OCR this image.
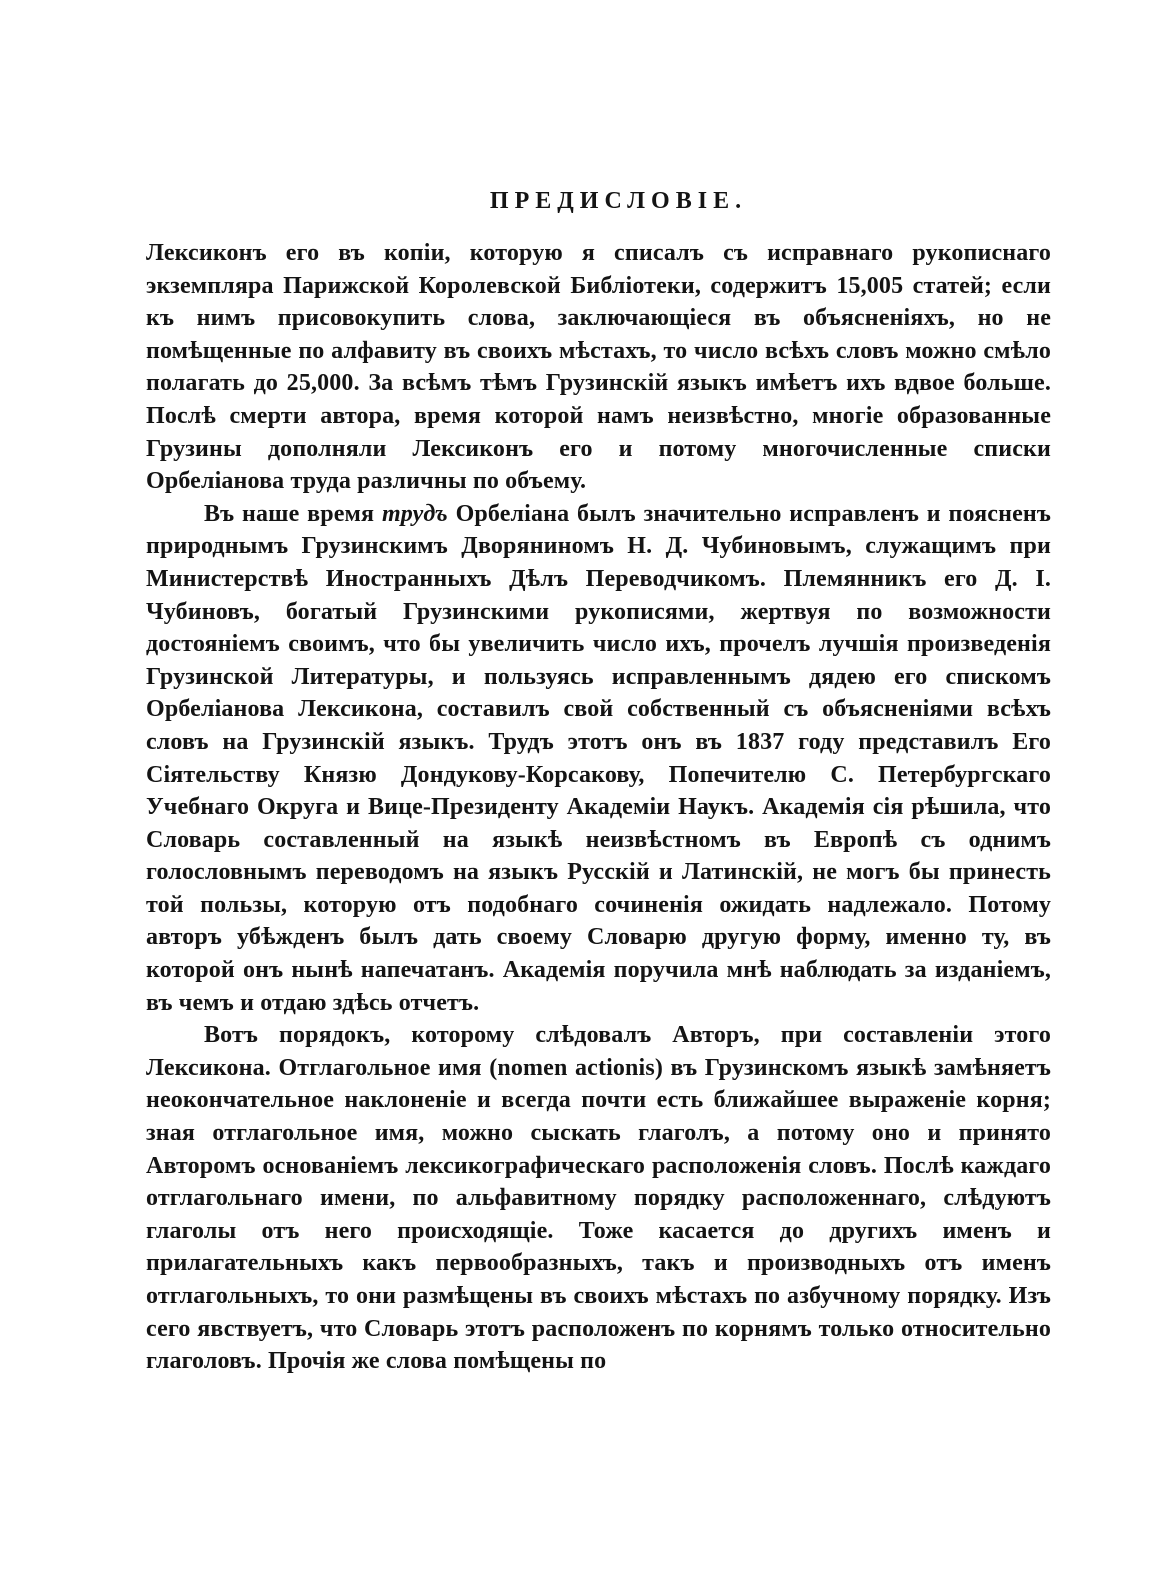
ПРЕДИСЛОВІЕ.

Лексиконъ его въ копіи, которую я списалъ съ исправнаго рукописнаго экземпляра Парижской Королевской Библіотеки, содержитъ 15,005 статей; если къ нимъ присовокупить слова, заключающіеся въ объясненіяхъ, но не помѣщенные по алфавиту въ своихъ мѣстахъ, то число всѣхъ словъ можно смѣло полагать до 25,000. За всѣмъ тѣмъ Грузинскій языкъ имѣетъ ихъ вдвое больше. Послѣ смерти автора, время которой намъ неизвѣстно, многіе образованные Грузины дополняли Лексиконъ его и потому многочисленные списки Орбеліанова труда различны по объему.

Въ наше время трудъ Орбеліана былъ значительно исправленъ и поясненъ природнымъ Грузинскимъ Дворяниномъ Н. Д. Чубиновымъ, служащимъ при Министерствѣ Иностранныхъ Дѣлъ Переводчикомъ. Племянникъ его Д. I. Чубиновъ, богатый Грузинскими рукописями, жертвуя по возможности достояніемъ своимъ, что бы увеличить число ихъ, прочелъ лучшія произведенія Грузинской Литературы, и пользуясь исправленнымъ дядею его спискомъ Орбеліанова Лексикона, составилъ свой собственный съ объясненіями всѣхъ словъ на Грузинскій языкъ. Трудъ этотъ онъ въ 1837 году представилъ Его Сіятельству Князю Дондукову-Корсакову, Попечителю С. Петербургскаго Учебнаго Округа и Вице-Президенту Академіи Наукъ. Академія сія рѣшила, что Словарь составленный на языкѣ неизвѣстномъ въ Европѣ съ однимъ голословнымъ переводомъ на языкъ Русскій и Латинскій, не могъ бы принесть той пользы, которую отъ подобнаго сочиненія ожидать надлежало. Потому авторъ убѣжденъ былъ дать своему Словарю другую форму, именно ту, въ которой онъ нынѣ напечатанъ. Академія поручила мнѣ наблюдать за изданіемъ, въ чемъ и отдаю здѣсь отчетъ.

Вотъ порядокъ, которому слѣдовалъ Авторъ, при составленіи этого Лексикона. Отглагольное имя (nomen actionis) въ Грузинскомъ языкѣ замѣняетъ неокончательное наклоненіе и всегда почти есть ближайшее выраженіе корня; зная отглагольное имя, можно сыскать глаголъ, а потому оно и принято Авторомъ основаніемъ лексикографическаго расположенія словъ. Послѣ каждаго отглагольнаго имени, по альфавитному порядку расположеннаго, слѣдуютъ глаголы отъ него происходящіе. Тоже касается до другихъ именъ и прилагательныхъ какъ первообразныхъ, такъ и производныхъ отъ именъ отглагольныхъ, то они размѣщены въ своихъ мѣстахъ по азбучному порядку. Изъ сего явствуетъ, что Словарь этотъ расположенъ по корнямъ только относительно глаголовъ. Прочія же слова помѣщены по
